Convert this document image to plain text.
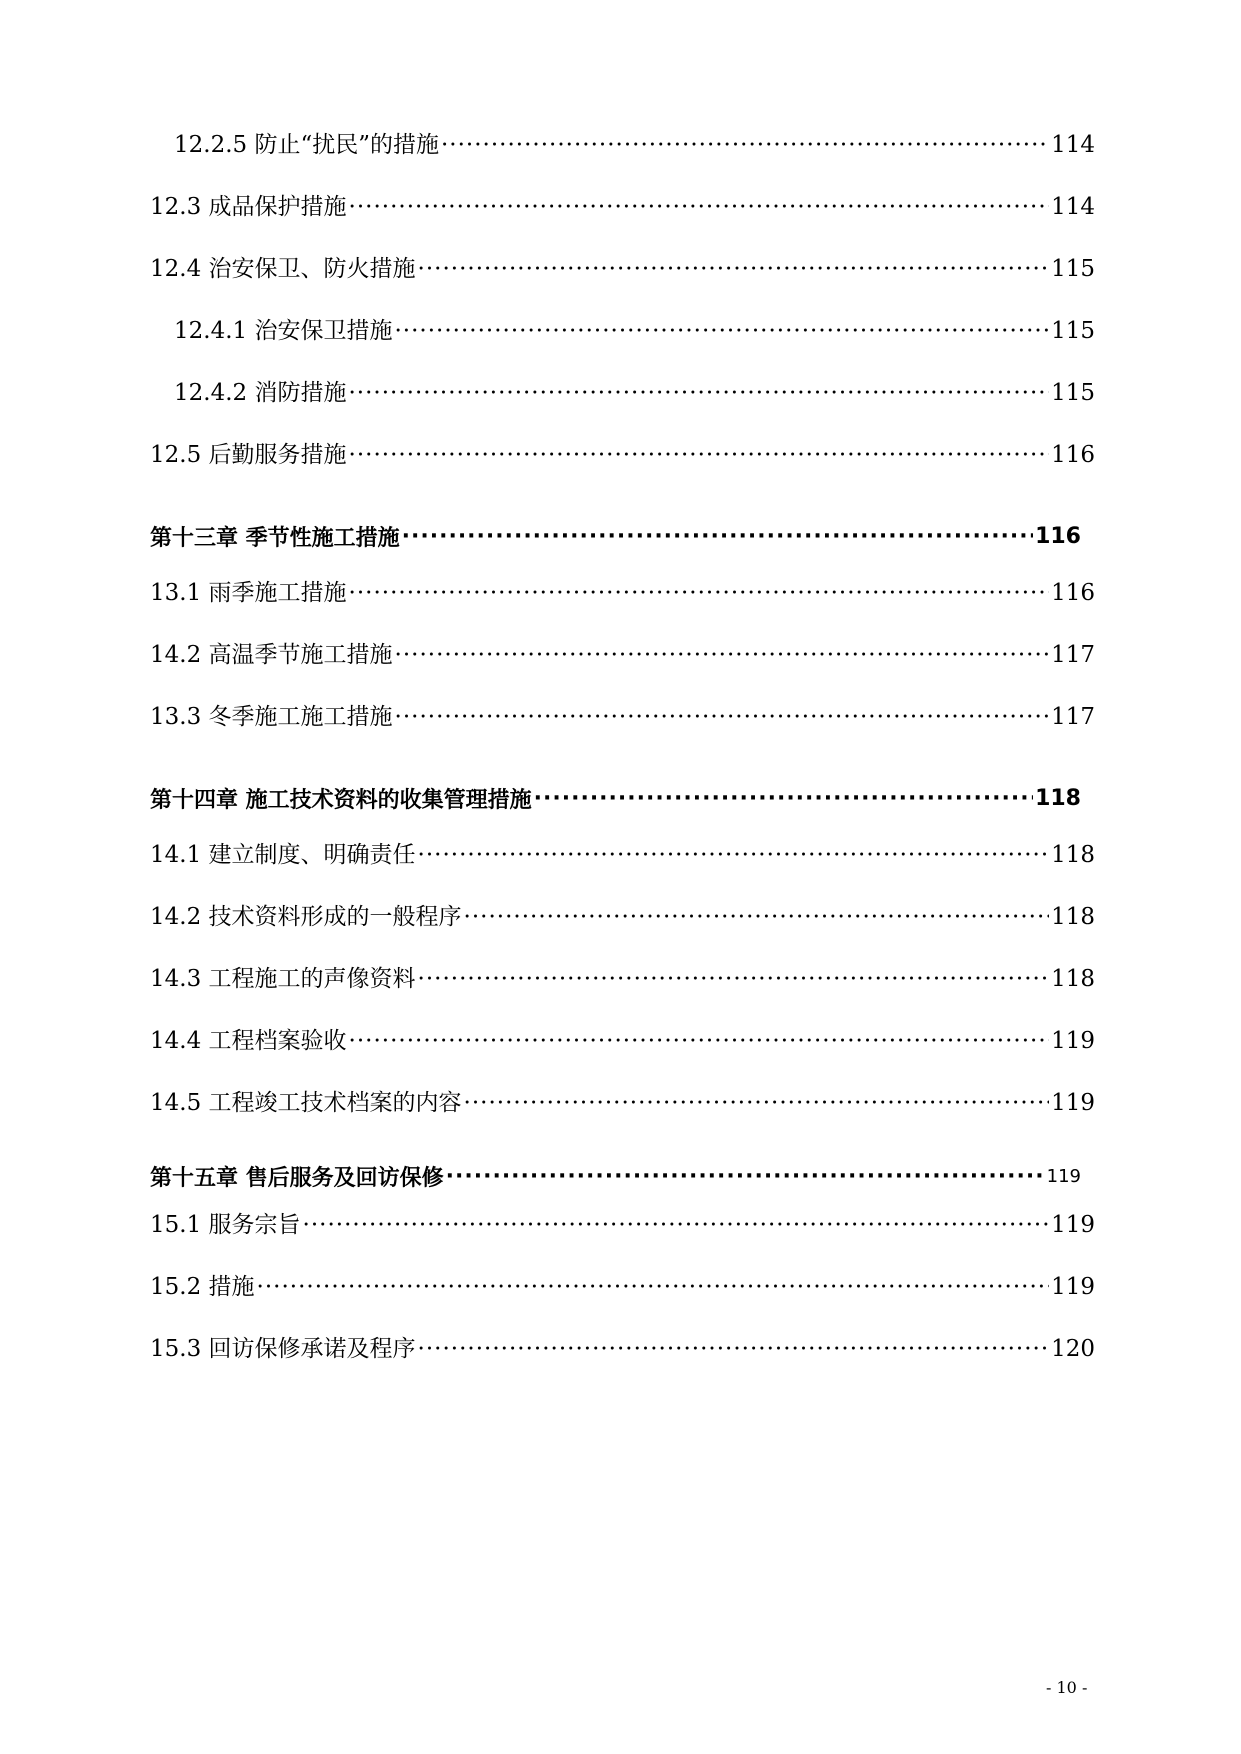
12.2.5 防止“扰民”的措施 ·····	114
12.3 成品保护措施 ·····	114
12.4 治安保卫、防火措施 ·····	115
12.4.1 治安保卫措施 ·····	115
12.4.2 消防措施 ·····	115
12.5 后勤服务措施 ·····	116
第十三章 季节性施工措施 ·····	116
13.1 雨季施工措施 ·····	116
14.2 高温季节施工措施 ·····	117
13.3 冬季施工施工措施 ·····	117
第十四章 施工技术资料的收集管理措施 ·····	118
14.1 建立制度、明确责任 ·····	118
14.2 技术资料形成的一般程序 ·····	118
14.3 工程施工的声像资料 ·····	118
14.4 工程档案验收 ·····	119
14.5 工程竣工技术档案的内容 ·····	119
第十五章 售后服务及回访保修 ·····	119
15.1 服务宗旨 ·····	119
15.2 措施 ·····	119
15.3 回访保修承诺及程序 ·····	120
- 10 -
